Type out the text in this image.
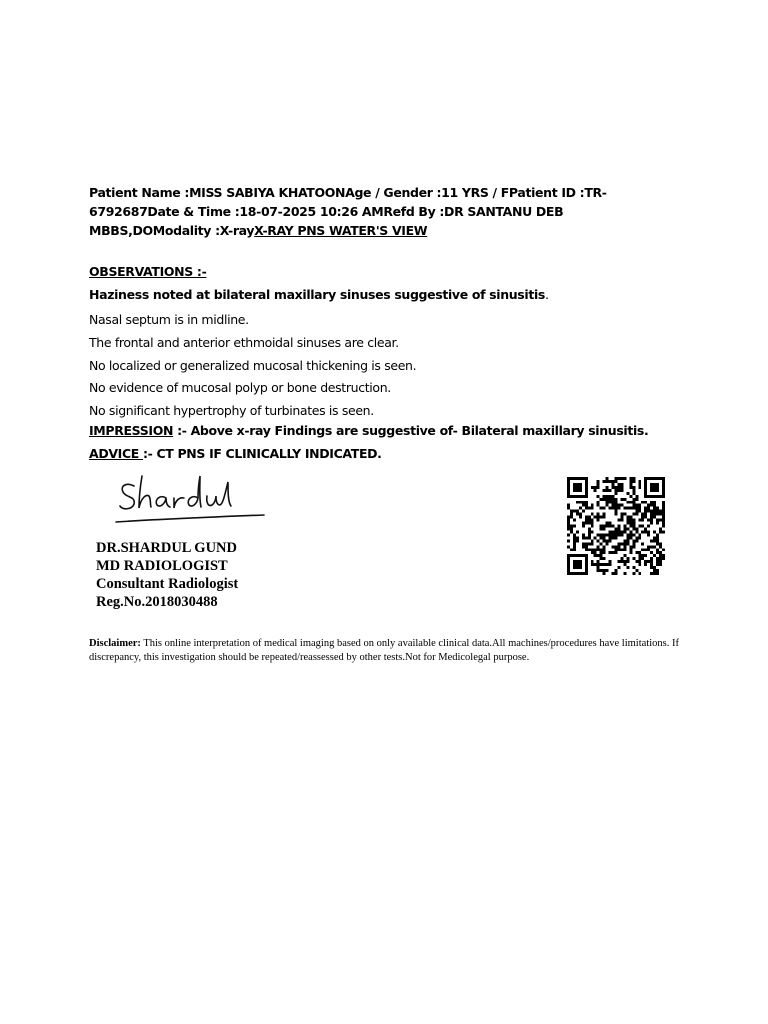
Patient Name :MISS SABIYA KHATOONAge / Gender :11 YRS / FPatient ID :TR-6792687Date & Time :18-07-2025 10:26 AMRefd By :DR SANTANU DEB MBBS,DOModality :X-rayX-RAY PNS WATER'S VIEW
OBSERVATIONS :-
Haziness noted at bilateral maxillary sinuses suggestive of sinusitis.
Nasal septum is in midline.
The frontal and anterior ethmoidal sinuses are clear.
No localized or generalized mucosal thickening is seen.
No evidence of mucosal polyp or bone destruction.
No significant hypertrophy of turbinates is seen.
IMPRESSION :- Above x-ray Findings are suggestive of- Bilateral maxillary sinusitis.
ADVICE :- CT PNS IF CLINICALLY INDICATED.
DR.SHARDUL GUND
MD RADIOLOGIST
Consultant Radiologist
Reg.No.2018030488
Disclaimer: This online interpretation of medical imaging based on only available clinical data.All machines/procedures have limitations. If discrepancy, this investigation should be repeated/reassessed by other tests.Not for Medicolegal purpose.
